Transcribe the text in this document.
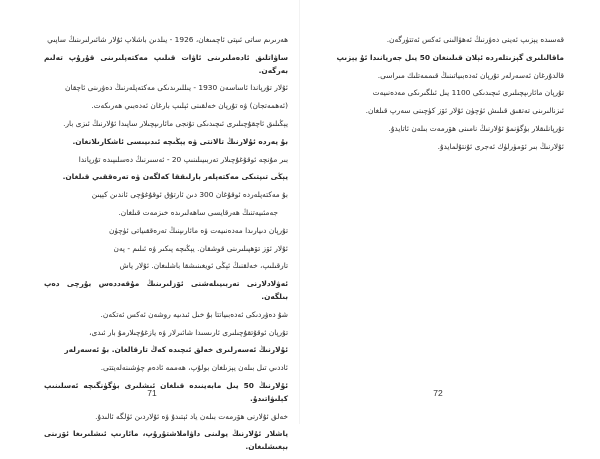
ھەرىرىم ساتى ئىپتى ئاچمىغان، 1926 - يىلدىن باشلاپ ئۇلار شائىرلىرىنىڭ ساپىي

ساۋاتلىق ئادەملىرىنى ئاۋات قىلىپ مەكتەپلىرىنى قۇرۇپ تەلىم بەرگەن.

ئۇلار تۇرپاندا ئاساسەن 1930 - يىللىرىدىكى مەكتەپلەرنىڭ دەۋرىنى ئاچقان

(ئەھمەتجان) ۋە تۇرپان خەلقىنى ئېلىپ بارغان ئەدەبىي ھەرىكەت.

يېڭىلىق ئاچقۇچىلىرى ئىچىدىكى تۇنجى مائارىپچىلار ساپىدا ئۇلارنىڭ ئىزى بار.

بۇ يەردە ئۇلارنىڭ تالانتى ۋە يېڭىچە ئىدىيىسى ئاشكارىلانغان.

بىر مۇنچە ئوقۇغۇچىلار تەربىيىلىنىپ 20 - ئەسىرنىڭ دەسلىپىدە تۇرپاندا

يېڭى تىپتىكى مەكتەپلەر بارلىققا كەلگەن ۋە تەرەققىي قىلغان.

بۇ مەكتەپلەردە ئوقۇغان 300 دىن ئارتۇق ئوقۇغۇچى ئاندىن كېيىن

جەمئىيەتنىڭ ھەرقايسى ساھەلىرىدە خىزمەت قىلغان.

تۇرپان دىيارىدا مەدەنىيەت ۋە مائارىپنىڭ تەرەققىياتى ئۈچۈن

ئۇلار ئۆز تۆھپىلىرىنى قوشقان. يېڭىچە پىكىر ۋە ئىلىم - پەن

تارقىلىپ، خەلقنىڭ ئېڭى ئويغىنىشقا باشلىغان. ئۇلار ياش

ئەۋلادلارنى تەربىيىلەشنى ئۆزلىرىنىڭ مۇقەددەس بۇرچى دەپ بىلگەن.

شۇ دەۋردىكى ئەدەبىياتتا بۇ خىل ئىدىيە روشەن ئەكس ئەتكەن.

تۇرپان ئوقۇتقۇچىلىرى ئارىسىدا شائىرلار ۋە يازغۇچىلارمۇ بار ئىدى،

ئۇلارنىڭ ئەسەرلىرى خەلق ئىچىدە كەڭ تارقالغان. بۇ ئەسەرلەر

ئاددىي تىل بىلەن يېزىلغان بولۇپ، ھەممە ئادەم چۈشىنەلەيتتى.

ئۇلارنىڭ 50 يىل مابەينىدە قىلغان ئىشلىرى بۈگۈنگىچە ئەسلىنىپ كېلىۋاتىدۇ.

خەلق ئۇلارنى ھۆرمەت بىلەن ياد ئېتىدۇ ۋە ئۇلاردىن ئۈلگە ئالىدۇ.

ياشلار ئۇلارنىڭ يولىنى داۋاملاشتۇرۇپ، مائارىپ ئىشلىرىغا ئۆزىنى بېغىشلىغان.

قەسىدە يېزىپ ئەينى دەۋرنىڭ ئەھۋالىنى ئەكس ئەتتۈرگەن.

ماقالىلىرى گېزىتلەردە ئېلان قىلىنغان 50 يىل جەريانىدا ئۇ يېزىپ

قالدۇرغان ئەسەرلەر تۇرپان ئەدەبىياتىنىڭ قىممەتلىك مىراسى.

تۇرپان مائارىپچىلىرى ئىچىدىكى 1100 يىل ئىلگىرىكى مەدەنىيەت

ئىزنالىرىنى تەتقىق قىلىش ئۈچۈن ئۇلار ئۆز كۈچىنى سەرپ قىلغان.

تۇرپانلىقلار بۈگۈنمۇ ئۇلارنىڭ نامىنى ھۆرمەت بىلەن ئاتايدۇ.

ئۇلارنىڭ بىر ئۆمۈرلۈك ئەجرى ئۇنتۇلمايدۇ.

71	72
